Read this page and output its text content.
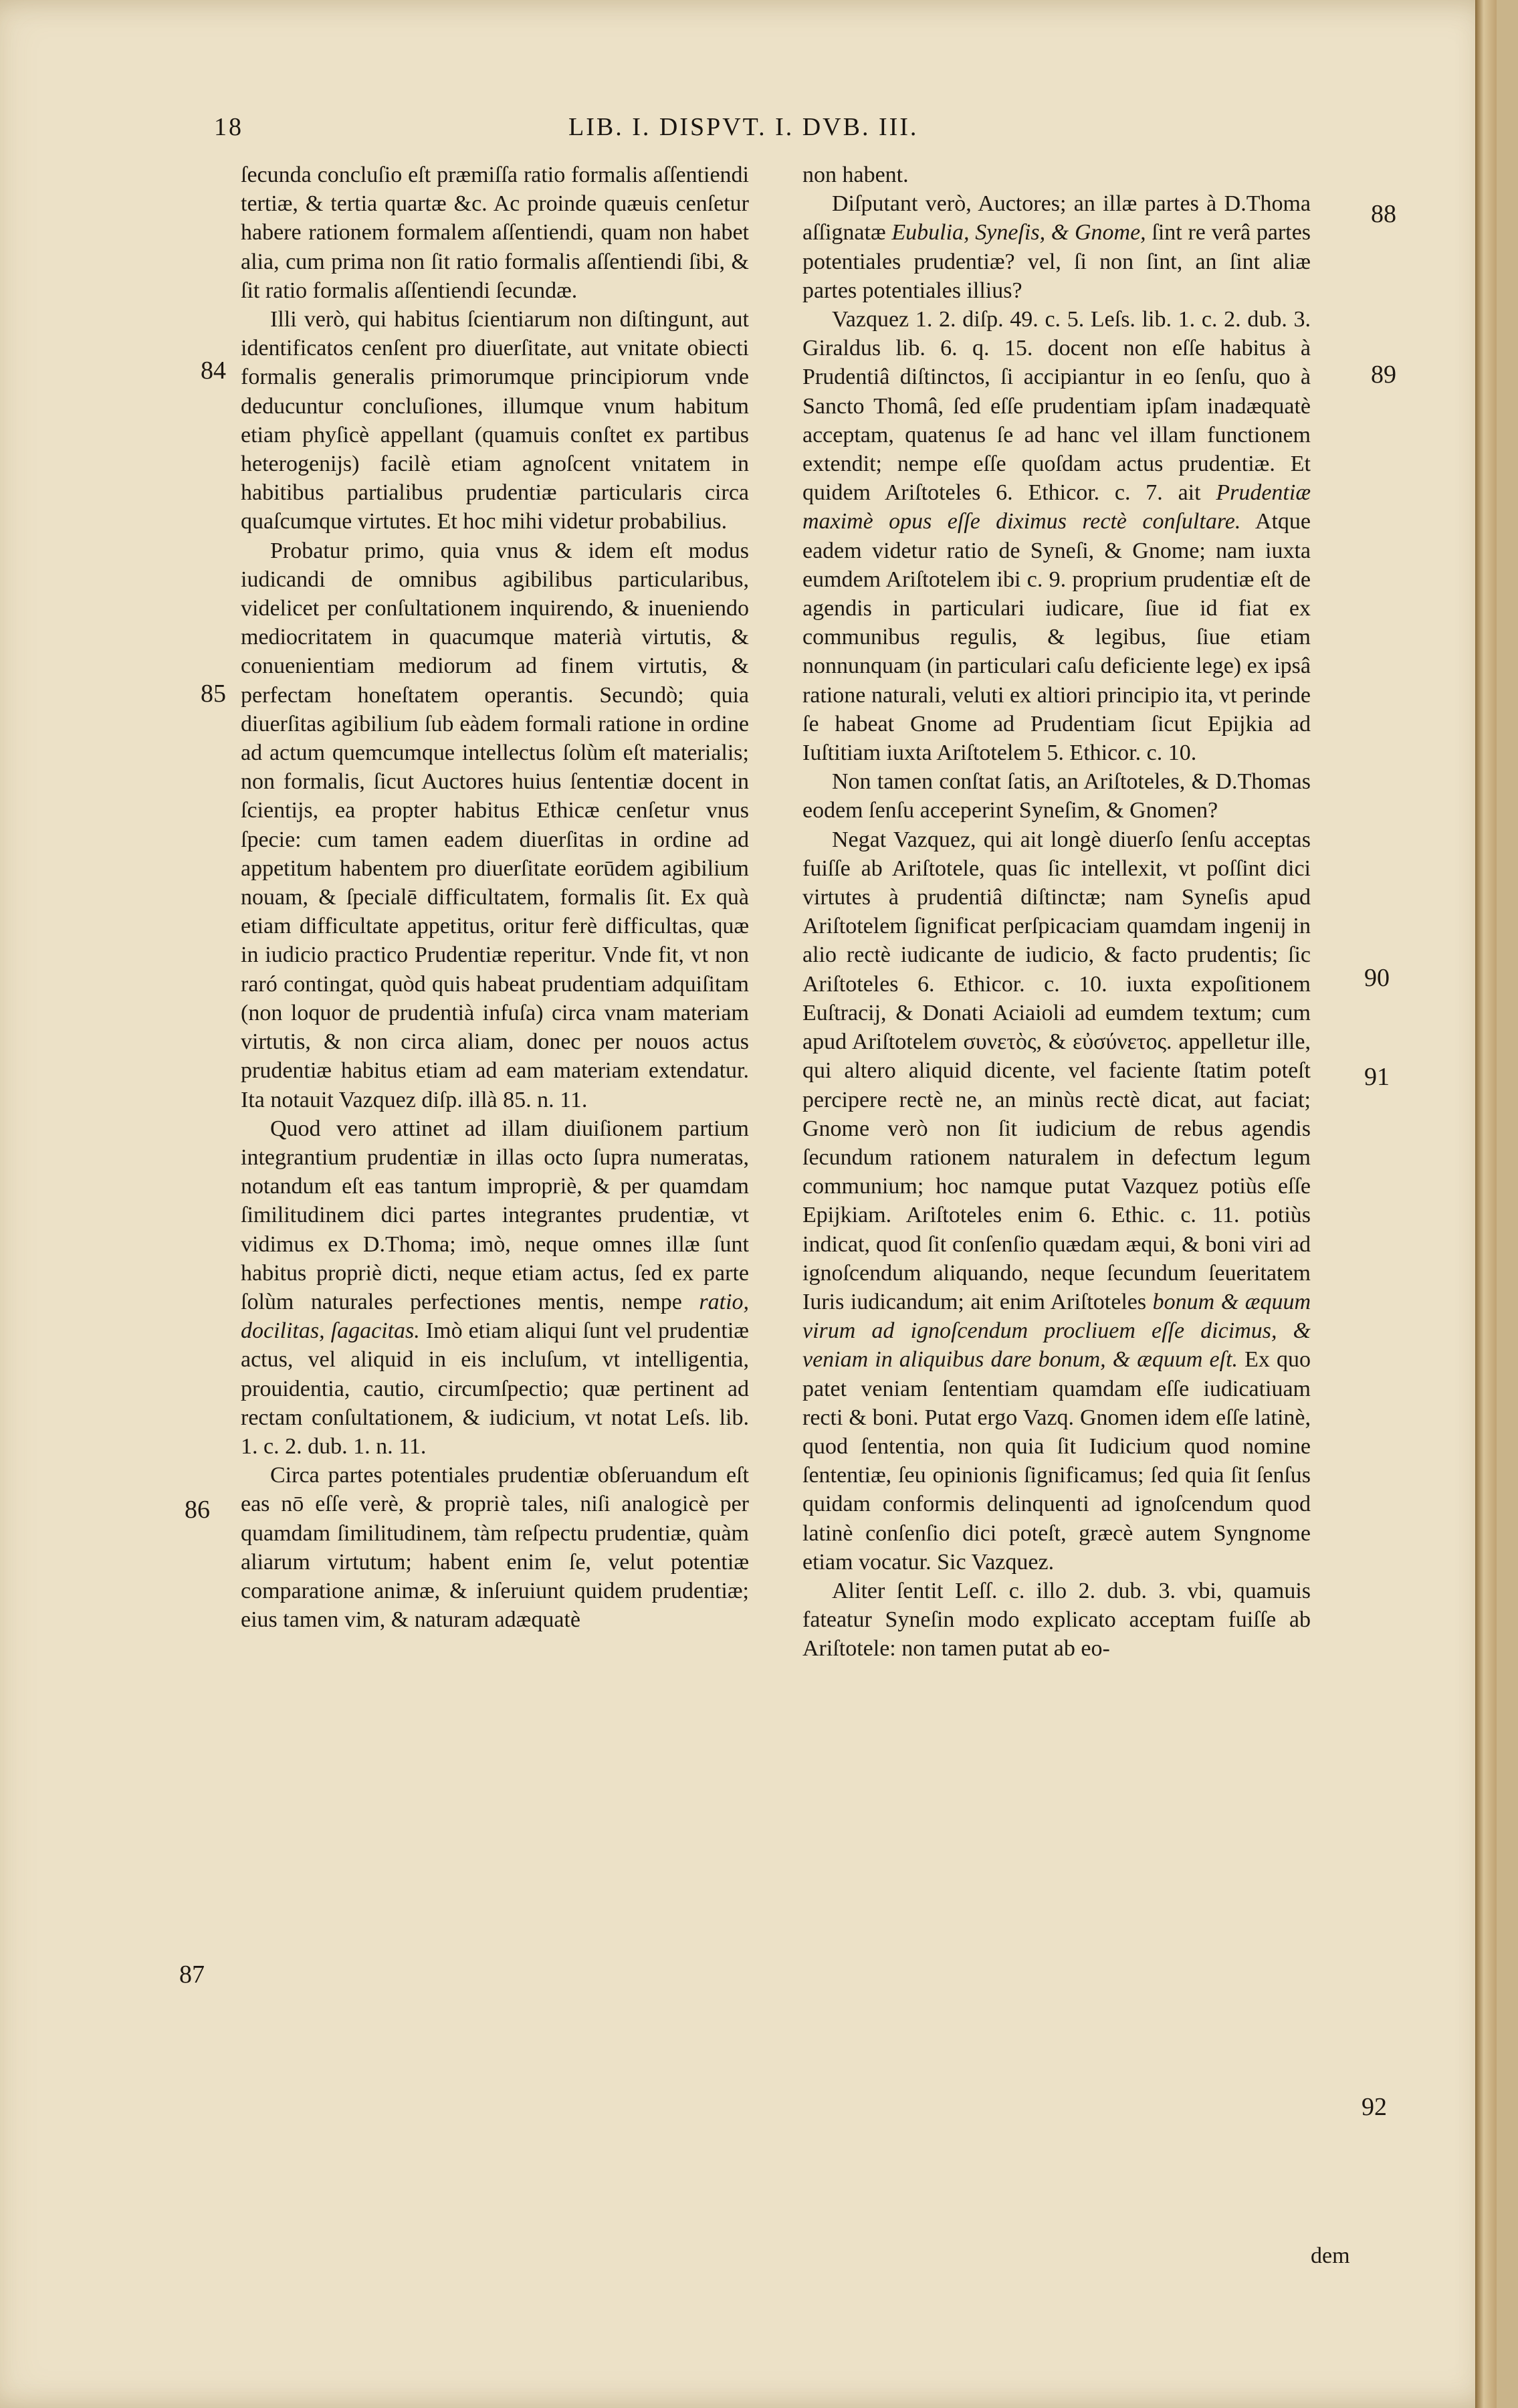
18	LIB. I. DISPVT. I. DVB. III.
84
85
86
87
88
89
90
91
92

ſecunda concluſio eſt præmiſſa ratio formalis aſſentiendi tertiæ, & tertia quartæ &c. Ac proinde quæuis cenſetur habere rationem formalem aſſentiendi, quam non habet alia, cum prima non ſit ratio formalis aſſentiendi ſibi, & ſit ratio formalis aſſentiendi ſecundæ.

Illi verò, qui habitus ſcientiarum non diſtingunt, aut identificatos cenſent pro diuerſitate, aut vnitate obiecti formalis generalis primorumque principiorum vnde deducuntur concluſiones, illumque vnum habitum etiam phyſicè appellant (quamuis conſtet ex partibus heterogenijs) facilè etiam agnoſcent vnitatem in habitibus partialibus prudentiæ particularis circa quaſcumque virtutes. Et hoc mihi videtur probabilius.

Probatur primo, quia vnus & idem eſt modus iudicandi de omnibus agibilibus particularibus, videlicet per conſultationem inquirendo, & inueniendo mediocritatem in quacumque materià virtutis, & conuenientiam mediorum ad finem virtutis, & perfectam honeſtatem operantis. Secundò; quia diuerſitas agibilium ſub eàdem formali ratione in ordine ad actum quemcumque intellectus ſolùm eſt materialis; non formalis, ſicut Auctores huius ſententiæ docent in ſcientijs, ea propter habitus Ethicæ cenſetur vnus ſpecie: cum tamen eadem diuerſitas in ordine ad appetitum habentem pro diuerſitate eorūdem agibilium nouam, & ſpecialē difficultatem, formalis ſit. Ex quà etiam difficultate appetitus, oritur ferè difficultas, quæ in iudicio practico Prudentiæ reperitur. Vnde fit, vt non raró contingat, quòd quis habeat prudentiam adquiſitam (non loquor de prudentià infuſa) circa vnam materiam virtutis, & non circa aliam, donec per nouos actus prudentiæ habitus etiam ad eam materiam extendatur. Ita notauit Vazquez diſp. illà 85. n. 11.

Quod vero attinet ad illam diuiſionem partium integrantium prudentiæ in illas octo ſupra numeratas, notandum eſt eas tantum impropriè, & per quamdam ſimilitudinem dici partes integrantes prudentiæ, vt vidimus ex D.Thoma; imò, neque omnes illæ ſunt habitus propriè dicti, neque etiam actus, ſed ex parte ſolùm naturales perfectiones mentis, nempe ratio, docilitas, ſagacitas. Imò etiam aliqui ſunt vel prudentiæ actus, vel aliquid in eis incluſum, vt intelligentia, prouidentia, cautio, circumſpectio; quæ pertinent ad rectam conſultationem, & iudicium, vt notat Leſs. lib. 1. c. 2. dub. 1. n. 11.

Circa partes potentiales prudentiæ obſeruandum eſt eas nō eſſe verè, & propriè tales, niſi analogicè per quamdam ſimilitudinem, tàm reſpectu prudentiæ, quàm aliarum virtutum; habent enim ſe, velut potentiæ comparatione animæ, & inſeruiunt quidem prudentiæ; eius tamen vim, & naturam adæquatè

non habent.

Diſputant verò, Auctores; an illæ partes à D.Thoma aſſignatæ Eubulia, Syneſis, & Gnome, ſint re verâ partes potentiales prudentiæ? vel, ſi non ſint, an ſint aliæ partes potentiales illius?

Vazquez 1. 2. diſp. 49. c. 5. Leſs. lib. 1. c. 2. dub. 3. Giraldus lib. 6. q. 15. docent non eſſe habitus à Prudentiâ diſtinctos, ſi accipiantur in eo ſenſu, quo à Sancto Thomâ, ſed eſſe prudentiam ipſam inadæquatè acceptam, quatenus ſe ad hanc vel illam functionem extendit; nempe eſſe quoſdam actus prudentiæ. Et quidem Ariſtoteles 6. Ethicor. c. 7. ait Prudentiæ maximè opus eſſe diximus rectè conſultare. Atque eadem videtur ratio de Syneſi, & Gnome; nam iuxta eumdem Ariſtotelem ibi c. 9. proprium prudentiæ eſt de agendis in particulari iudicare, ſiue id fiat ex communibus regulis, & legibus, ſiue etiam nonnunquam (in particulari caſu deficiente lege) ex ipsâ ratione naturali, veluti ex altiori principio ita, vt perinde ſe habeat Gnome ad Prudentiam ſicut Epijkia ad Iuſtitiam iuxta Ariſtotelem 5. Ethicor. c. 10.

Non tamen conſtat ſatis, an Ariſtoteles, & D.Thomas eodem ſenſu acceperint Syneſim, & Gnomen?

Negat Vazquez, qui ait longè diuerſo ſenſu acceptas fuiſſe ab Ariſtotele, quas ſic intellexit, vt poſſint dici virtutes à prudentiâ diſtinctæ; nam Syneſis apud Ariſtotelem ſignificat perſpicaciam quamdam ingenij in alio rectè iudicante de iudicio, & facto prudentis; ſic Ariſtoteles 6. Ethicor. c. 10. iuxta expoſitionem Euſtracij, & Donati Aciaioli ad eumdem textum; cum apud Ariſtotelem συνετὸς, & εὐσύνετος. appelletur ille, qui altero aliquid dicente, vel faciente ſtatim poteſt percipere rectè ne, an minùs rectè dicat, aut faciat; Gnome verò non ſit iudicium de rebus agendis ſecundum rationem naturalem in defectum legum communium; hoc namque putat Vazquez potiùs eſſe Epijkiam. Ariſtoteles enim 6. Ethic. c. 11. potiùs indicat, quod ſit conſenſio quædam æqui, & boni viri ad ignoſcendum aliquando, neque ſecundum ſeueritatem Iuris iudicandum; ait enim Ariſtoteles bonum & æquum virum ad ignoſcendum procliuem eſſe dicimus, & veniam in aliquibus dare bonum, & æquum eſt. Ex quo patet veniam ſententiam quamdam eſſe iudicatiuam recti & boni. Putat ergo Vazq. Gnomen idem eſſe latinè, quod ſententia, non quia ſit Iudicium quod nomine ſententiæ, ſeu opinionis ſignificamus; ſed quia ſit ſenſus quidam conformis delinquenti ad ignoſcendum quod latinè conſenſio dici poteſt, græcè autem Syngnome etiam vocatur. Sic Vazquez.

Aliter ſentit Leſſ. c. illo 2. dub. 3. vbi, quamuis fateatur Syneſin modo explicato acceptam fuiſſe ab Ariſtotele: non tamen putat ab eo-

dem
